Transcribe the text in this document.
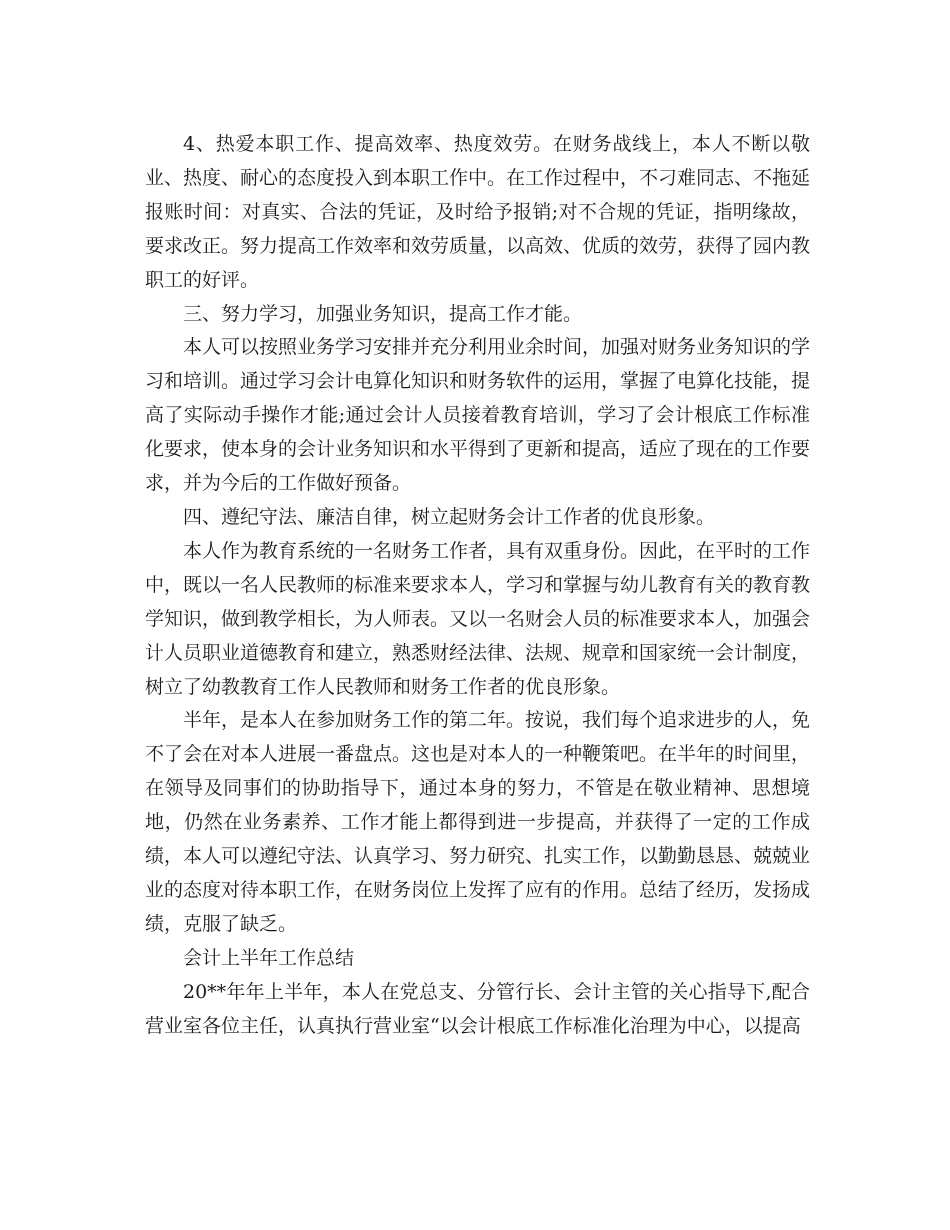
4、热爱本职工作、提高效率、热度效劳。在财务战线上，本人不断以敬业、热度、耐心的态度投入到本职工作中。在工作过程中，不刁难同志、不拖延报账时间：对真实、合法的凭证，及时给予报销;对不合规的凭证，指明缘故，要求改正。努力提高工作效率和效劳质量，以高效、优质的效劳，获得了园内教职工的好评。

三、努力学习，加强业务知识，提高工作才能。

本人可以按照业务学习安排并充分利用业余时间，加强对财务业务知识的学习和培训。通过学习会计电算化知识和财务软件的运用，掌握了电算化技能，提高了实际动手操作才能;通过会计人员接着教育培训，学习了会计根底工作标准化要求，使本身的会计业务知识和水平得到了更新和提高，适应了现在的工作要求，并为今后的工作做好预备。

四、遵纪守法、廉洁自律，树立起财务会计工作者的优良形象。

本人作为教育系统的一名财务工作者，具有双重身份。因此，在平时的工作中，既以一名人民教师的标准来要求本人，学习和掌握与幼儿教育有关的教育教学知识，做到教学相长，为人师表。又以一名财会人员的标准要求本人，加强会计人员职业道德教育和建立，熟悉财经法律、法规、规章和国家统一会计制度，树立了幼教教育工作人民教师和财务工作者的优良形象。

半年，是本人在参加财务工作的第二年。按说，我们每个追求进步的人，免不了会在对本人进展一番盘点。这也是对本人的一种鞭策吧。在半年的时间里，在领导及同事们的协助指导下，通过本身的努力，不管是在敬业精神、思想境地，仍然在业务素养、工作才能上都得到进一步提高，并获得了一定的工作成绩，本人可以遵纪守法、认真学习、努力研究、扎实工作，以勤勤恳恳、兢兢业业的态度对待本职工作，在财务岗位上发挥了应有的作用。总结了经历，发扬成绩，克服了缺乏。

会计上半年工作总结

20**年年上半年，本人在党总支、分管行长、会计主管的关心指导下,配合营业室各位主任，认真执行营业室“以会计根底工作标准化治理为中心，以提高
